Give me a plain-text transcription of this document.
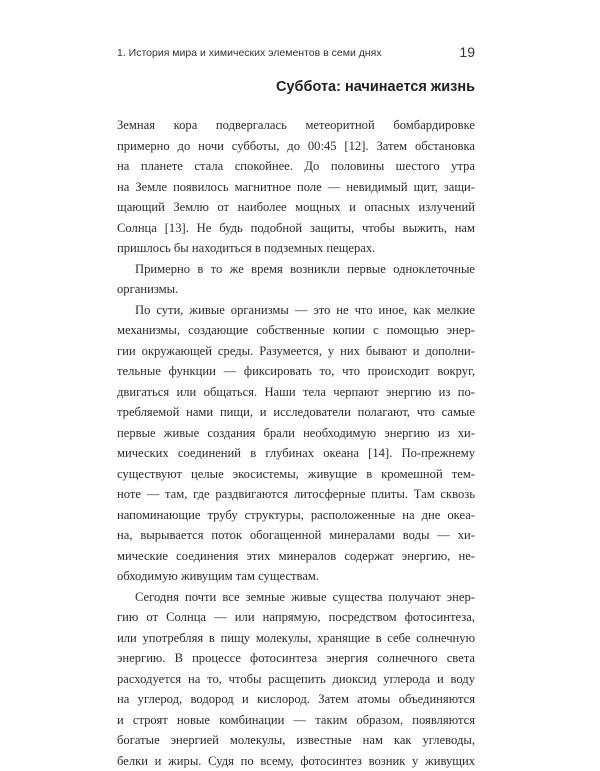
1. История мира и химических элементов в семи днях	19
Суббота: начинается жизнь
Земная кора подвергалась метеоритной бомбардировке
примерно до ночи субботы, до 00:45 [12]. Затем обстановка
на планете стала спокойнее. До половины шестого утра
на Земле появилось магнитное поле — невидимый щит, защи-
щающий Землю от наиболее мощных и опасных излучений
Солнца [13]. Не будь подобной защиты, чтобы выжить, нам
пришлось бы находиться в подземных пещерах.
Примерно в то же время возникли первые одноклеточные
организмы.
По сути, живые организмы — это не что иное, как мелкие
механизмы, создающие собственные копии с помощью энер-
гии окружающей среды. Разумеется, у них бывают и дополни-
тельные функции — фиксировать то, что происходит вокруг,
двигаться или общаться. Наши тела черпают энергию из по-
требляемой нами пищи, и исследователи полагают, что самые
первые живые создания брали необходимую энергию из хи-
мических соединений в глубинах океана [14]. По-прежнему
существуют целые экосистемы, живущие в кромешной тем-
ноте — там, где раздвигаются литосферные плиты. Там сквозь
напоминающие трубу структуры, расположенные на дне океа-
на, вырывается поток обогащенной минералами воды — хи-
мические соединения этих минералов содержат энергию, не-
обходимую живущим там существам.
Сегодня почти все земные живые существа получают энер-
гию от Солнца — или напрямую, посредством фотосинтеза,
или употребляя в пищу молекулы, хранящие в себе солнечную
энергию. В процессе фотосинтеза энергия солнечного света
расходуется на то, чтобы расщепить диоксид углерода и воду
на углерод, водород и кислород. Затем атомы объединяются
и строят новые комбинации — таким образом, появляются
богатые энергией молекулы, известные нам как углеводы,
белки и жиры. Судя по всему, фотосинтез возник у живущих
